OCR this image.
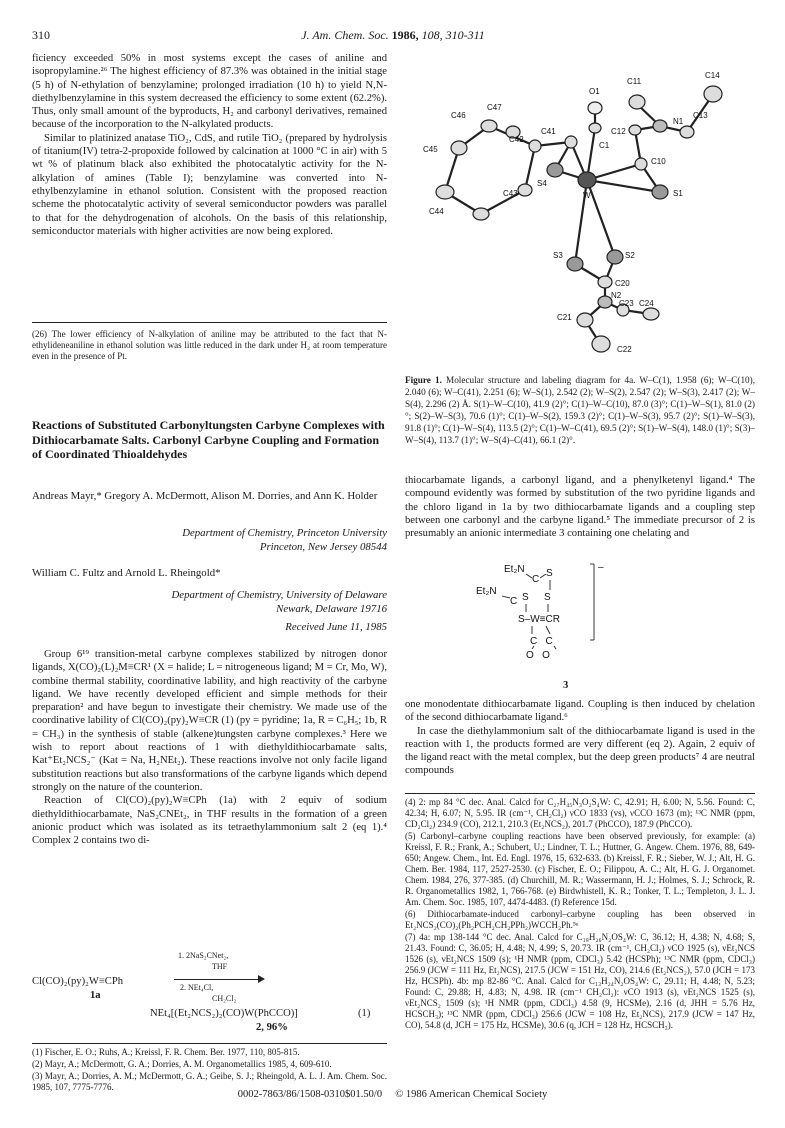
310	J. Am. Chem. Soc. 1986, 108, 310-311

ficiency exceeded 50% in most systems except the cases of aniline and isopropylamine.²⁶ The highest efficiency of 87.3% was obtained in the initial stage (5 h) of N-ethylation of benzylamine; prolonged irradiation (10 h) to yield N,N-diethylbenzylamine in this system decreased the efficiency to some extent (62.2%). Thus, only small amount of the byproducts, H₂ and carbonyl derivatives, remained because of the incorporation to the N-alkylated products.

Similar to platinized anatase TiO₂, CdS, and rutile TiO₂ (prepared by hydrolysis of titanium(IV) tetra-2-propoxide followed by calcination at 1000 °C in air) with 5 wt % of platinum black also exhibited the photocatalytic activity for the N-alkylation of amines (Table I); benzylamine was converted into N-ethylbenzylamine in ethanol solution. Consistent with the proposed reaction scheme the photocatalytic activity of several semiconductor powders was parallel to that for the dehydrogenation of alcohols. On the basis of this relationship, semiconductor materials with higher activities are now being explored.

(26) The lower efficiency of N-alkylation of aniline may be attributed to the fact that N-ethylideneaniline in ethanol solution was little reduced in the dark under H₂ at room temperature even in the presence of Pt.

Reactions of Substituted Carbonyltungsten Carbyne Complexes with Dithiocarbamate Salts. Carbonyl Carbyne Coupling and Formation of Coordinated Thioaldehydes
Andreas Mayr,* Gregory A. McDermott, Alison M. Dorries, and Ann K. Holder
Department of Chemistry, Princeton University
Princeton, New Jersey 08544
William C. Fultz and Arnold L. Rheingold*
Department of Chemistry, University of Delaware
Newark, Delaware 19716
Received June 11, 1985

Group 6¹⁹ transition-metal carbyne complexes stabilized by nitrogen donor ligands, X(CO)₂(L)₂M≡CR¹ (X = halide; L = nitrogeneous ligand; M = Cr, Mo, W), combine thermal stability, coordinative lability, and high reactivity of the carbyne ligand. We have recently developed efficient and simple methods for their preparation² and have begun to investigate their chemistry. We made use of the coordinative lability of Cl(CO)₂(py)₂W≡CR (1) (py = pyridine; 1a, R = C₆H₅; 1b, R = CH₃) in the synthesis of stable (alkene)tungsten carbyne complexes.³ Here we wish to report about reactions of 1 with diethyldithiocarbamate salts, Kat⁺Et₂NCS₂⁻ (Kat = Na, H₂NEt₂). These reactions involve not only facile ligand substitution reactions but also transformations of the carbyne ligands which depend strongly on the nature of the counterion.

Reaction of Cl(CO)₂(py)₂W≡CPh (1a) with 2 equiv of sodium diethyldithiocarbamate, NaS₂CNEt₂, in THF results in the formation of a green anionic product which was isolated as its tetraethylammonium salt 2 (eq 1).⁴ Complex 2 contains two di-

Cl(CO)₂(py)₂W≡CPh
1a
1. 2NaS₂CNet₂,
THF
2. NEt₄Cl,
CH₂Cl₂
NEt₄[(Et₂NCS₂)₂(CO)W(PhCCO)]	(1)
2, 96%

(1) Fischer, E. O.; Ruhs, A.; Kreissl, F. R. Chem. Ber. 1977, 110, 805-815.

(2) Mayr, A.; McDermott, G. A.; Dorries, A. M. Organometallics 1985, 4, 609-610.

(3) Mayr, A.; Dorries, A. M.; McDermott, G. A.; Geibe, S. J.; Rheingold, A. L. J. Am. Chem. Soc. 1985, 107, 7775-7776.

C14
O1
C11
C13
C46
C47
N1
C12
C41
C1
C45
C42
C10
S4
W	S1
C43
C44
S3	S2
C20
N2
C23 C24
C21
C22
Figure 1. Molecular structure and labeling diagram for 4a. W–C(1), 1.958 (6); W–C(10), 2.040 (6); W–C(41), 2.251 (6); W–S(1), 2.542 (2); W–S(2), 2.547 (2); W–S(3), 2.417 (2); W–S(4), 2.296 (2) Å. S(1)–W–C(10), 41.9 (2)°; C(1)–W–C(10), 87.0 (3)°; C(1)–W–S(1), 81.0 (2)°; S(2)–W–S(3), 70.6 (1)°; C(1)–W–S(2), 159.3 (2)°; C(1)–W–S(3), 95.7 (2)°; S(1)–W–S(3), 91.8 (1)°; C(1)–W–S(4), 113.5 (2)°; C(1)–W–C(41), 69.5 (2)°; S(1)–W–S(4), 148.0 (1)°; S(3)–W–S(4), 113.7 (1)°; W–S(4)–C(41), 66.1 (2)°.

thiocarbamate ligands, a carbonyl ligand, and a phenylketenyl ligand.⁴ The compound evidently was formed by substitution of the two pyridine ligands and the chloro ligand in 1a by two dithiocarbamate ligands and a coupling step between one carbonyl and the carbyne ligand.⁵ The immediate precursor of 2 is presumably an anionic intermediate 3 containing one chelating and

Et₂N
C
S
Et₂N
C S S
S–W≡CR
C   C
O   O
–
3

one monodentate dithiocarbamate ligand. Coupling is then induced by chelation of the second dithiocarbamate ligand.⁶

In case the diethylammonium salt of the dithiocarbamate ligand is used in the reaction with 1, the products formed are very different (eq 2). Again, 2 equiv of the ligand react with the metal complex, but the deep green products⁷ 4 are neutral compounds

(4) 2: mp 84 °C dec. Anal. Calcd for C₂₇H₄₅N₃O₂S₄W: C, 42.91; H, 6.00; N, 5.56. Found: C, 42.34; H, 6.07; N, 5.95. IR (cm⁻¹, CH₂Cl₂) νCO 1833 (vs), νCCO 1673 (m); ¹³C NMR (ppm, CD₂Cl₂) 234.9 (CO), 212.1, 210.3 (Et₂NCS₂), 201.7 (PhCCO), 187.9 (PhCCO).

(5) Carbonyl–carbyne coupling reactions have been observed previously, for example: (a) Kreissl, F. R.; Frank, A.; Schubert, U.; Lindner, T. L.; Huttner, G. Angew. Chem. 1976, 88, 649-650; Angew. Chem., Int. Ed. Engl. 1976, 15, 632-633. (b) Kreissl, F. R.; Sieber, W. J.; Alt, H. G. Chem. Ber. 1984, 117, 2527-2530. (c) Fischer, E. O.; Filippou, A. C.; Alt, H. G. J. Organomet. Chem. 1984, 276, 377-385. (d) Churchill, M. R.; Wassermann, H. J.; Holmes, S. J.; Schrock, R. R. Organometallics 1982, 1, 766-768. (e) Birdwhistell, K. R.; Tonker, T. L.; Templeton, J. L. J. Am. Chem. Soc. 1985, 107, 4474-4483. (f) Reference 15d.

(6) Dithiocarbamate-induced carbonyl–carbyne coupling has been observed in Et₂NCS₂(CO)₂(Ph₂PCH₂CH₂PPh₂)WCCH₂Ph.⁵ᵉ

(7) 4a: mp 138-144 °C dec. Anal. Calcd for C₁₈H₂₆N₂OS₄W: C, 36.12; H, 4.38; N, 4.68; S, 21.43. Found: C, 36.05; H, 4.48; N, 4.99; S, 20.73. IR (cm⁻¹, CH₂Cl₂) νCO 1925 (s), νEt₂NCS 1526 (s), νEt₂NCS 1509 (s); ¹H NMR (ppm, CDCl₃) 5.42 (HCSPh); ¹³C NMR (ppm, CDCl₃) 256.9 (JCW = 111 Hz, Et₂NCS), 217.5 (JCW = 151 Hz, CO), 214.6 (Et₂NCS₂), 57.0 (JCH = 173 Hz, HCSPh). 4b: mp 82-86 °C. Anal. Calcd for C₁₃H₂₄N₂OS₄W: C, 29.11; H, 4.48; N, 5.23; Found: C, 29.88; H, 4.83; N, 4.98. IR (cm⁻¹ CH₂Cl₂): νCO 1913 (s), νEt₂NCS 1525 (s), νEt₂NCS₂ 1509 (s); ¹H NMR (ppm, CDCl₃) 4.58 (9, HCSMe), 2.16 (d, JHH = 5.76 Hz, HCSCH₃); ¹³C NMR (ppm, CDCl₃) 256.6 (JCW = 108 Hz, Et₂NCS), 217.9 (JCW = 147 Hz, CO), 54.8 (d, JCH = 175 Hz, HCSMe), 30.6 (q, JCH = 128 Hz, HCSCH₃).

0002-7863/86/1508-0310$01.50/0 © 1986 American Chemical Society
